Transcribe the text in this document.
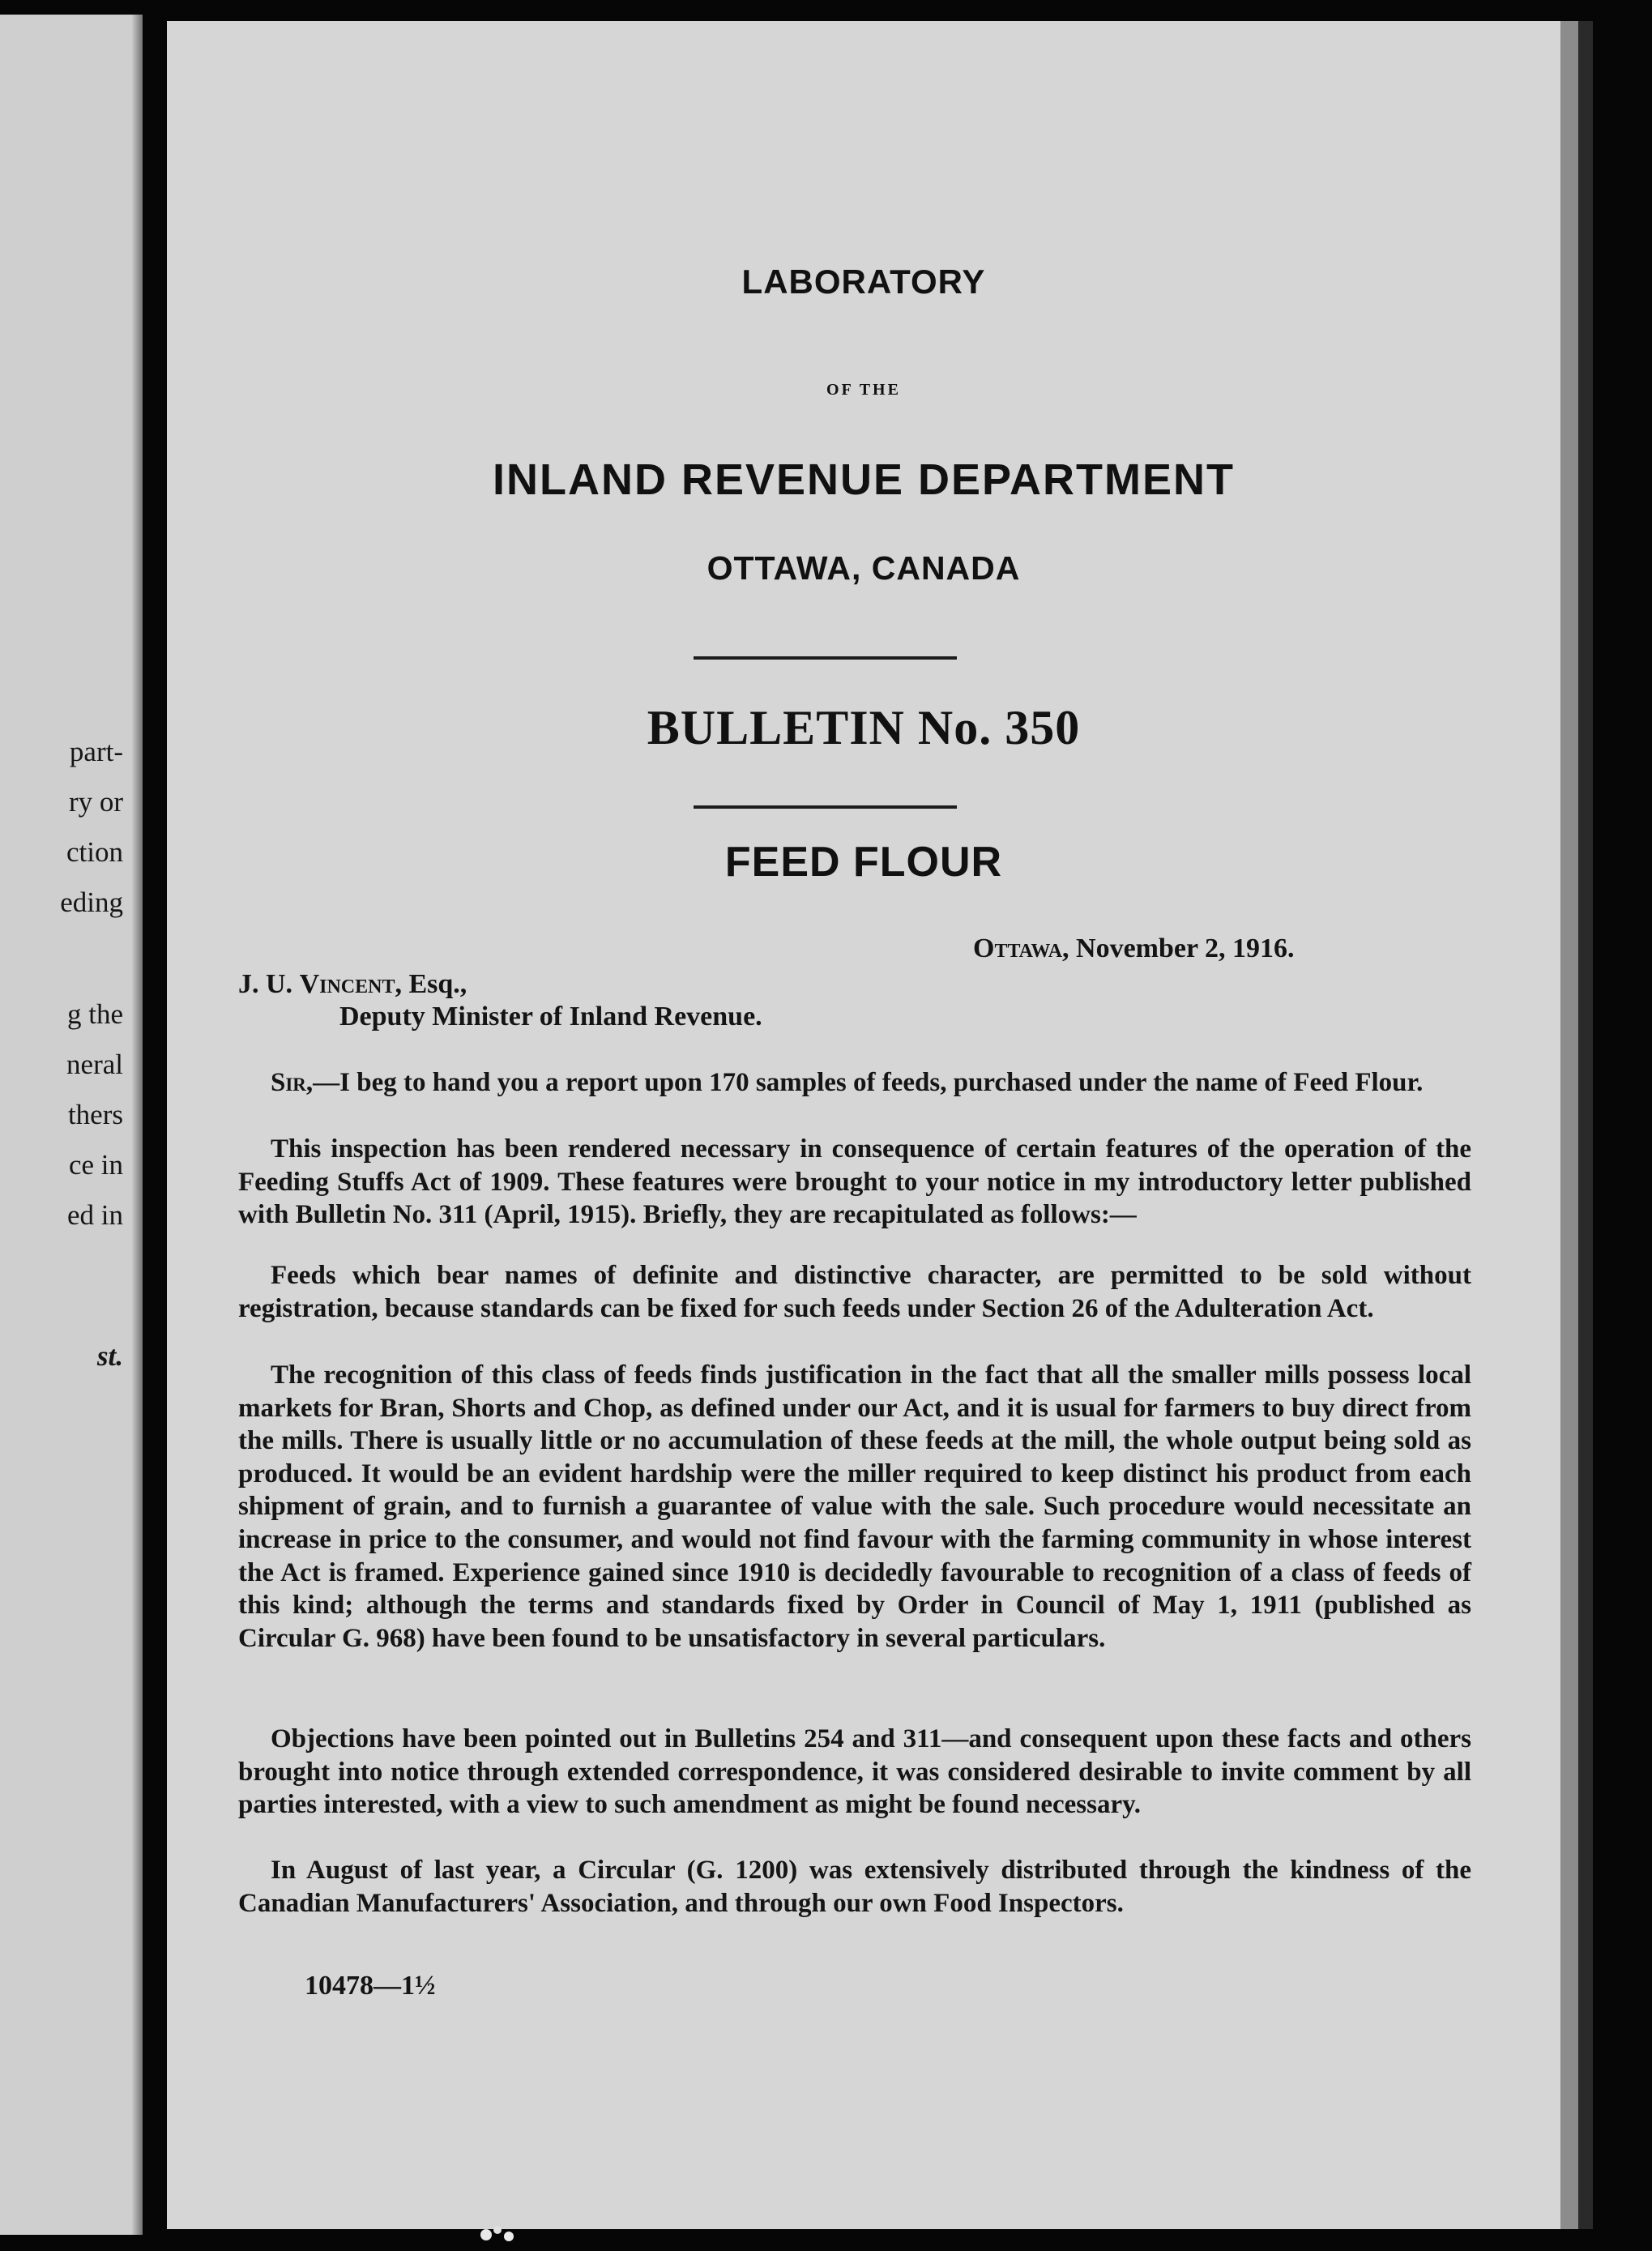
part-
ry or
ction
eding
g the
neral
thers
ce in
ed in
st.
LABORATORY
OF THE
INLAND REVENUE DEPARTMENT
OTTAWA, CANADA
BULLETIN No. 350
FEED FLOUR
Ottawa, November 2, 1916.
J. U. Vincent, Esq.,
Deputy Minister of Inland Revenue.

Sir,—I beg to hand you a report upon 170 samples of feeds, purchased under the name of Feed Flour.

This inspection has been rendered necessary in consequence of certain features of the operation of the Feeding Stuffs Act of 1909. These features were brought to your notice in my introductory letter published with Bulletin No. 311 (April, 1915). Briefly, they are recapitulated as follows:—

Feeds which bear names of definite and distinctive character, are permitted to be sold without registration, because standards can be fixed for such feeds under Section 26 of the Adulteration Act.

The recognition of this class of feeds finds justification in the fact that all the smaller mills possess local markets for Bran, Shorts and Chop, as defined under our Act, and it is usual for farmers to buy direct from the mills. There is usually little or no accumulation of these feeds at the mill, the whole output being sold as produced. It would be an evident hardship were the miller required to keep distinct his product from each shipment of grain, and to furnish a guarantee of value with the sale. Such procedure would necessitate an increase in price to the consumer, and would not find favour with the farming community in whose interest the Act is framed. Experience gained since 1910 is decidedly favourable to recognition of a class of feeds of this kind; although the terms and standards fixed by Order in Council of May 1, 1911 (published as Circular G. 968) have been found to be unsatisfactory in several particulars.

Objections have been pointed out in Bulletins 254 and 311—and consequent upon these facts and others brought into notice through extended correspondence, it was considered desirable to invite comment by all parties interested, with a view to such amendment as might be found necessary.

In August of last year, a Circular (G. 1200) was extensively distributed through the kindness of the Canadian Manufacturers' Association, and through our own Food Inspectors.

10478—1½
